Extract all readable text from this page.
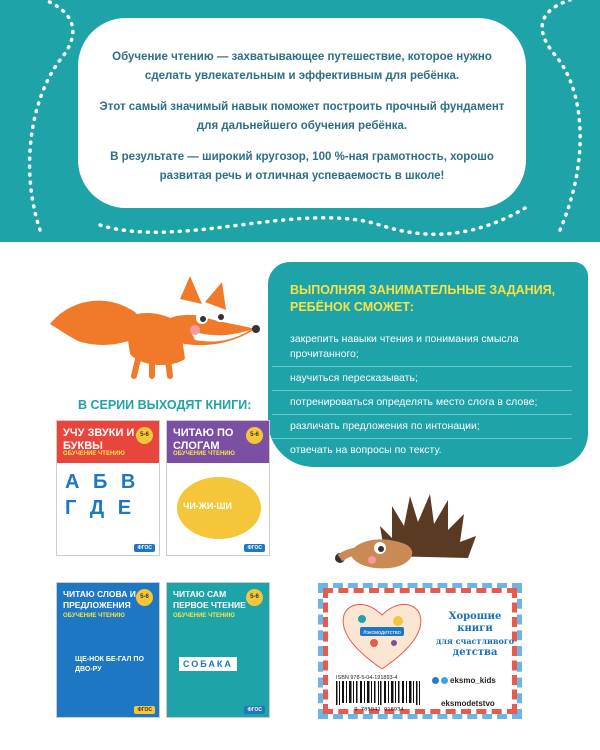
Обучение чтению — захватывающее путешествие, которое нужно сделать увлекательным и эффективным для ребёнка.

Этот самый значимый навык поможет построить прочный фундамент для дальнейшего обучения ребёнка.

В результате — широкий кругозор, 100 %-ная грамотность, хорошо развитая речь и отличная успеваемость в школе!

ВЫПОЛНЯЯ ЗАНИМАТЕЛЬНЫЕ ЗАДАНИЯ, РЕБЁНОК СМОЖЕТ:
закрепить навыки чтения и понимания смысла прочитанного;
научиться пересказывать;
потренироваться определять место слога в слове;
различать предложения по интонации;
отвечать на вопросы по тексту.
В СЕРИИ ВЫХОДЯТ КНИГИ:
УЧУ ЗВУКИ И БУКВЫ
ОБУЧЕНИЕ ЧТЕНИЮ
5-6
А Б В Г Д Е
ФГОС
ЧИТАЮ ПО СЛОГАМ
ОБУЧЕНИЕ ЧТЕНИЮ
5-6
ЧИ-ЖИ-ШИ
ФГОС
ЧИТАЮ СЛОВА И ПРЕДЛОЖЕНИЯ
ОБУЧЕНИЕ ЧТЕНИЮ
5-6
ЩЕ-НОК БЕ-ГАЛ ПО ДВО-РУ
ФГОС
ЧИТАЮ САМ ПЕРВОЕ ЧТЕНИЕ
ОБУЧЕНИЕ ЧТЕНИЮ
5-6
СОБАКА
ФГОС
#эксмодетство
Хорошие
книги

для счастливого
детства
ISBN 978-5-04-191893-4
9 785041 918934
eksmo_kids
eksmodetstvo
